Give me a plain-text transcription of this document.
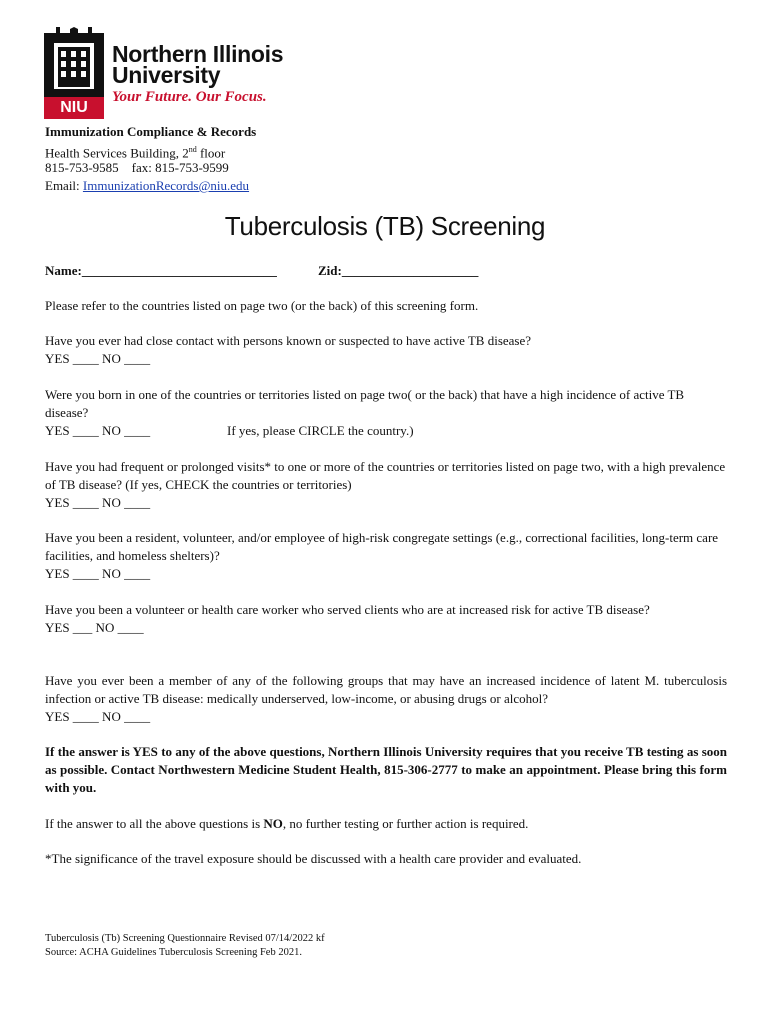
NIU
Northern Illinois
University
Your Future. Our Focus.
Immunization Compliance & Records
Health Services Building, 2nd floor
815-753-9585    fax: 815-753-9599
Email: ImmunizationRecords@niu.edu
Tuberculosis (TB) Screening
Name:______________________________	Zid:_____________________
Please refer to the countries listed on page two (or the back) of this screening form.

Have you ever had close contact with persons known or suspected to have active TB disease?

YES ____ NO ____

Were you born in one of the countries or territories listed on page two( or the back) that have a high incidence of active TB disease?

YES ____ NO ____	If yes, please CIRCLE the country.)

Have you had frequent or prolonged visits* to one or more of the countries or territories listed on page two, with a high prevalence of TB disease? (If yes, CHECK the countries or territories)

YES ____ NO ____

Have you been a resident, volunteer, and/or employee of high-risk congregate settings (e.g., correctional facilities, long-term care facilities, and homeless shelters)?

YES ____ NO ____

Have you been a volunteer or health care worker who served clients who are at increased risk for active TB disease?

YES ___ NO ____

Have you ever been a member of any of the following groups that may have an increased incidence of latent M. tuberculosis infection or active TB disease: medically underserved, low-income, or abusing drugs or alcohol?

YES ____ NO ____

If the answer is YES to any of the above questions, Northern Illinois University requires that you receive TB testing as soon as possible. Contact Northwestern Medicine Student Health, 815-306-2777 to make an appointment. Please bring this form with you.
If the answer to all the above questions is NO, no further testing or further action is required.
*The significance of the travel exposure should be discussed with a health care provider and evaluated.
Tuberculosis (Tb) Screening Questionnaire Revised 07/14/2022 kf
Source: ACHA Guidelines Tuberculosis Screening Feb 2021.
